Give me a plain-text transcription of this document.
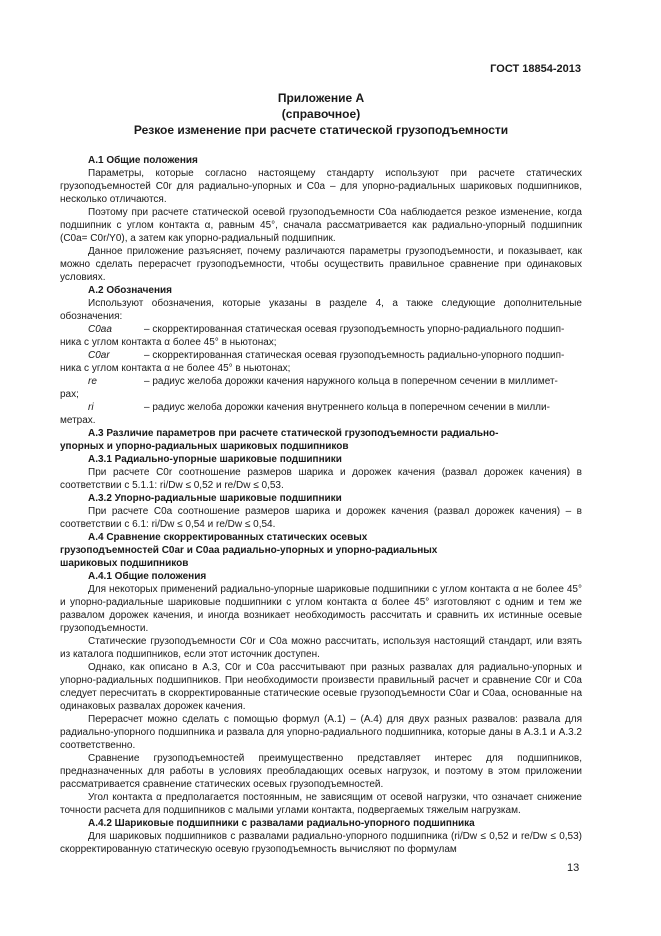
ГОСТ 18854-2013
Приложение А
(справочное)
Резкое изменение при расчете статической грузоподъемности

А.1 Общие положения

Параметры, которые согласно настоящему стандарту используют при расчете статических грузоподъемностей C0r для радиально-упорных и C0a – для упорно-радиальных шариковых подшипников, несколько отличаются.

Поэтому при расчете статической осевой грузоподъемности C0a наблюдается резкое изменение, когда подшипник с углом контакта α, равным 45°, сначала рассматривается как радиально-упорный подшипник (C0a= C0r/Y0), а затем как упорно-радиальный подшипник.

Данное приложение разъясняет, почему различаются параметры грузоподъемности, и показывает, как можно сделать перерасчет грузоподъемности, чтобы осуществить правильное сравнение при одинаковых условиях.

А.2 Обозначения

Используют обозначения, которые указаны в разделе 4, а также следующие дополнительные обозначения:

C0aa	– скорректированная статическая осевая грузоподъемность упорно-радиального подшип-

ника с углом контакта α более 45° в ньютонах;

C0ar	– скорректированная статическая осевая грузоподъемность радиально-упорного подшип-

ника с углом контакта α не более 45° в ньютонах;

re	– радиус желоба дорожки качения наружного кольца в поперечном сечении в миллимет-

рах;

ri	– радиус желоба дорожки качения внутреннего кольца в поперечном сечении в милли-

метрах.

А.3 Различие параметров при расчете статической грузоподъемности радиально-

упорных и упорно-радиальных шариковых подшипников

А.3.1 Радиально-упорные шариковые подшипники

При расчете C0r соотношение размеров шарика и дорожек качения (развал дорожек качения) в соответствии с 5.1.1: ri/Dw ≤ 0,52 и re/Dw ≤ 0,53.

А.3.2 Упорно-радиальные шариковые подшипники

При расчете C0a соотношение размеров шарика и дорожек качения (развал дорожек качения) – в соответствии с 6.1: ri/Dw ≤ 0,54 и re/Dw ≤ 0,54.

А.4 Сравнение скорректированных статических осевых

грузоподъемностей C0ar и C0aa радиально-упорных и упорно-радиальных

шариковых подшипников

А.4.1 Общие положения

Для некоторых применений радиально-упорные шариковые подшипники с углом контакта α не более 45° и упорно-радиальные шариковые подшипники с углом контакта α более 45° изготовляют с одним и тем же развалом дорожек качения, и иногда возникает необходимость рассчитать и сравнить их истинные осевые грузоподъемности.

Статические грузоподъемности C0r и C0a можно рассчитать, используя настоящий стандарт, или взять из каталога подшипников, если этот источник доступен.

Однако, как описано в А.3, C0r и C0a рассчитывают при разных развалах для радиально-упорных и упорно-радиальных подшипников. При необходимости произвести правильный расчет и сравнение C0r и C0a следует пересчитать в скорректированные статические осевые грузоподъемности C0ar и C0aa, основанные на одинаковых развалах дорожек качения.

Перерасчет можно сделать с помощью формул (А.1) – (А.4) для двух разных развалов: развала для радиально-упорного подшипника и развала для упорно-радиального подшипника, которые даны в А.3.1 и А.3.2 соответственно.

Сравнение грузоподъемностей преимущественно представляет интерес для подшипников, предназначенных для работы в условиях преобладающих осевых нагрузок, и поэтому в этом приложении рассматривается сравнение статических осевых грузоподъемностей.

Угол контакта α предполагается постоянным, не зависящим от осевой нагрузки, что означает снижение точности расчета для подшипников с малыми углами контакта, подвергаемых тяжелым нагрузкам.

А.4.2 Шариковые подшипники с развалами радиально-упорного подшипника

Для шариковых подшипников с развалами радиально-упорного подшипника (ri/Dw ≤ 0,52 и re/Dw ≤ 0,53) скорректированную статическую осевую грузоподъемность вычисляют по формулам

13
